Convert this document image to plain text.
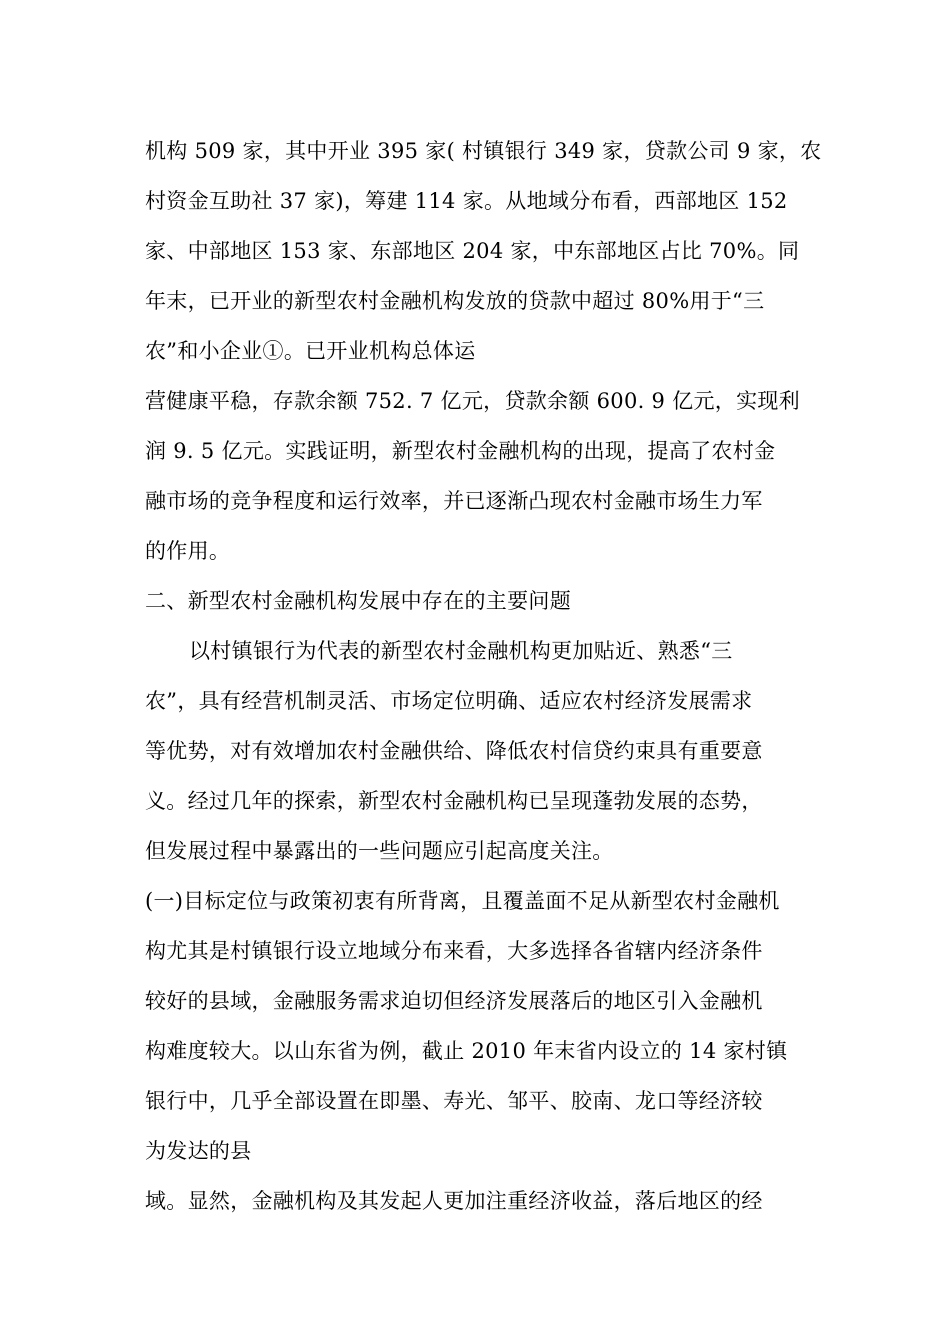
机构 509 家，其中开业 395 家( 村镇银行 349 家，贷款公司 9 家，农
村资金互助社 37 家)，筹建 114 家。从地域分布看，西部地区 152
家、中部地区 153 家、东部地区 204 家，中东部地区占比 70%。同
年末，已开业的新型农村金融机构发放的贷款中超过 80%用于“三
农”和小企业①。已开业机构总体运
营健康平稳，存款余额 752. 7 亿元，贷款余额 600. 9 亿元，实现利
润 9. 5 亿元。实践证明，新型农村金融机构的出现，提高了农村金
融市场的竞争程度和运行效率，并已逐渐凸现农村金融市场生力军
的作用。
二、新型农村金融机构发展中存在的主要问题
以村镇银行为代表的新型农村金融机构更加贴近、熟悉“三
农”，具有经营机制灵活、市场定位明确、适应农村经济发展需求
等优势，对有效增加农村金融供给、降低农村信贷约束具有重要意
义。经过几年的探索，新型农村金融机构已呈现蓬勃发展的态势，
但发展过程中暴露出的一些问题应引起高度关注。
(一)目标定位与政策初衷有所背离，且覆盖面不足从新型农村金融机
构尤其是村镇银行设立地域分布来看，大多选择各省辖内经济条件
较好的县域，金融服务需求迫切但经济发展落后的地区引入金融机
构难度较大。以山东省为例，截止 2010 年末省内设立的 14 家村镇
银行中，几乎全部设置在即墨、寿光、邹平、胶南、龙口等经济较
为发达的县
域。显然，金融机构及其发起人更加注重经济收益，落后地区的经
